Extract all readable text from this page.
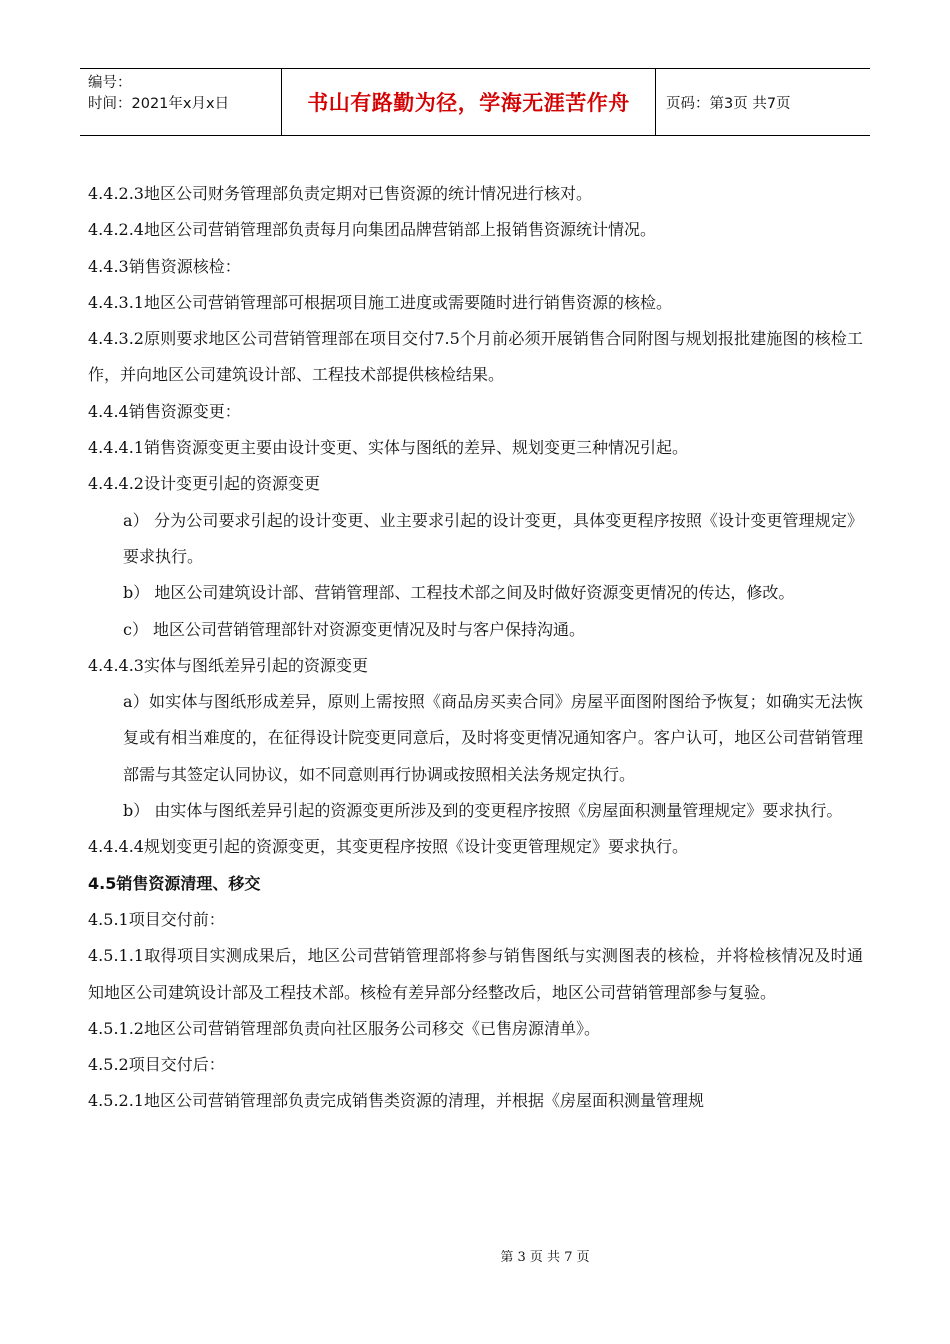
编号：
时间：2021年x月x日	书山有路勤为径，学海无涯苦作舟	页码：第3页 共7页
4.4.2.3地区公司财务管理部负责定期对已售资源的统计情况进行核对。
4.4.2.4地区公司营销管理部负责每月向集团品牌营销部上报销售资源统计情况。
4.4.3销售资源核检：
4.4.3.1地区公司营销管理部可根据项目施工进度或需要随时进行销售资源的核检。
4.4.3.2原则要求地区公司营销管理部在项目交付7.5个月前必须开展销售合同附图与规划报批建施图的核检工作，并向地区公司建筑设计部、工程技术部提供核检结果。
4.4.4销售资源变更：
4.4.4.1销售资源变更主要由设计变更、实体与图纸的差异、规划变更三种情况引起。
4.4.4.2设计变更引起的资源变更
a） 分为公司要求引起的设计变更、业主要求引起的设计变更，具体变更程序按照《设计变更管理规定》要求执行。
b） 地区公司建筑设计部、营销管理部、工程技术部之间及时做好资源变更情况的传达，修改。
c） 地区公司营销管理部针对资源变更情况及时与客户保持沟通。
4.4.4.3实体与图纸差异引起的资源变更
a）如实体与图纸形成差异，原则上需按照《商品房买卖合同》房屋平面图附图给予恢复；如确实无法恢复或有相当难度的，在征得设计院变更同意后，及时将变更情况通知客户。客户认可，地区公司营销管理部需与其签定认同协议，如不同意则再行协调或按照相关法务规定执行。
b） 由实体与图纸差异引起的资源变更所涉及到的变更程序按照《房屋面积测量管理规定》要求执行。
4.4.4.4规划变更引起的资源变更，其变更程序按照《设计变更管理规定》要求执行。
4.5销售资源清理、移交
4.5.1项目交付前：
4.5.1.1取得项目实测成果后，地区公司营销管理部将参与销售图纸与实测图表的核检，并将检核情况及时通知地区公司建筑设计部及工程技术部。核检有差异部分经整改后，地区公司营销管理部参与复验。
4.5.1.2地区公司营销管理部负责向社区服务公司移交《已售房源清单》。
4.5.2项目交付后：
4.5.2.1地区公司营销管理部负责完成销售类资源的清理，并根据《房屋面积测量管理规
第 3 页 共 7 页
